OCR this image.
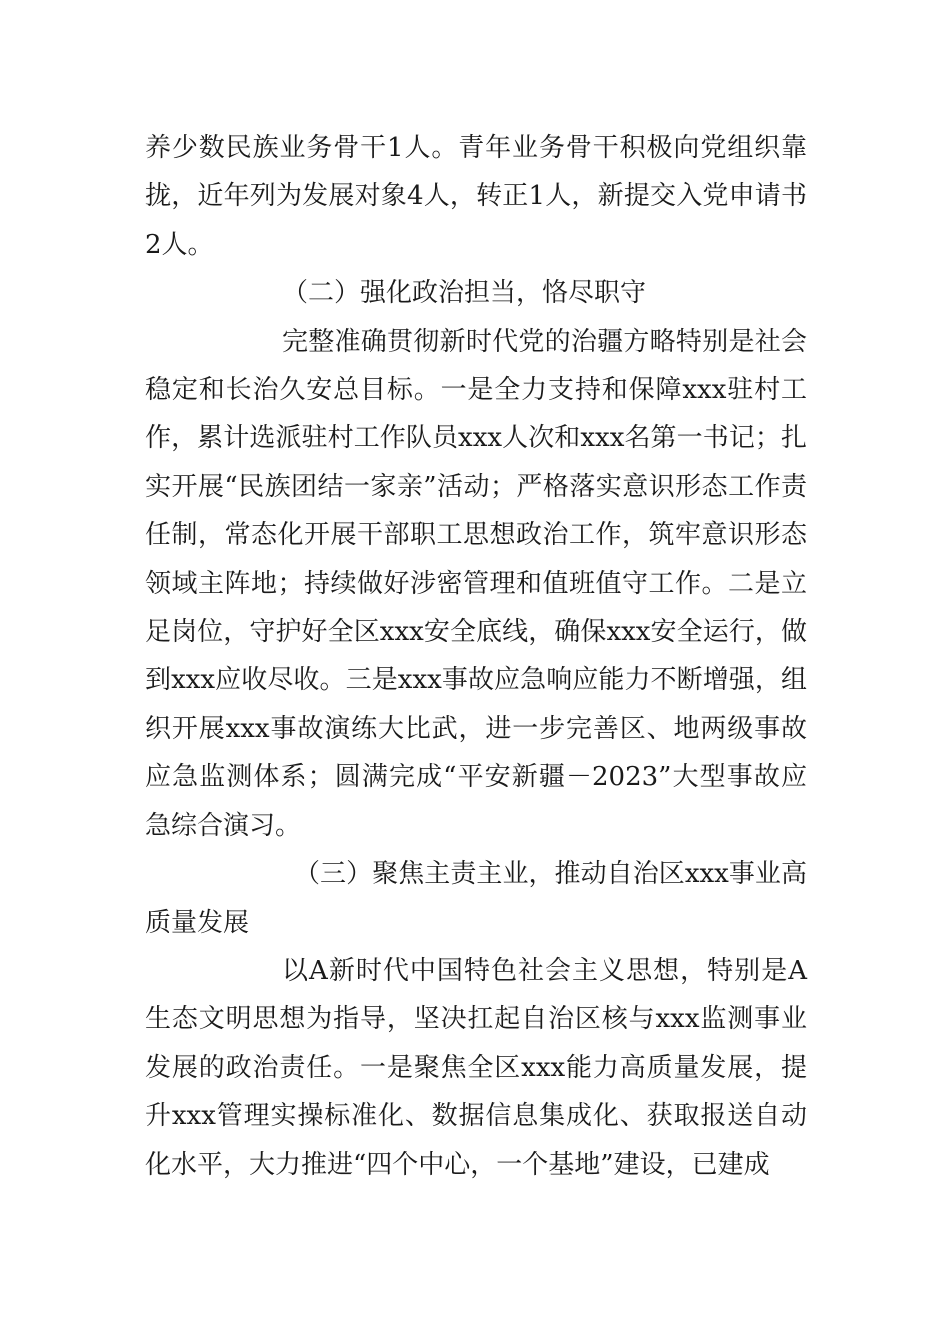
养少数民族业务骨干1人。青年业务骨干积极向党组织靠拢，近年列为发展对象4人，转正1人，新提交入党申请书2人。

（二）强化政治担当，恪尽职守

完整准确贯彻新时代党的治疆方略特别是社会稳定和长治久安总目标。一是全力支持和保障xxx驻村工作，累计选派驻村工作队员xxx人次和xxx名第一书记；扎实开展“民族团结一家亲”活动；严格落实意识形态工作责任制，常态化开展干部职工思想政治工作，筑牢意识形态领域主阵地；持续做好涉密管理和值班值守工作。二是立足岗位，守护好全区xxx安全底线，确保xxx安全运行，做到xxx应收尽收。三是xxx事故应急响应能力不断增强，组织开展xxx事故演练大比武，进一步完善区、地两级事故应急监测体系；圆满完成“平安新疆－2023”大型事故应急综合演习。

（三）聚焦主责主业，推动自治区xxx事业高质量发展

以A新时代中国特色社会主义思想，特别是A生态文明思想为指导，坚决扛起自治区核与xxx监测事业发展的政治责任。一是聚焦全区xxx能力高质量发展，提升xxx管理实操标准化、数据信息集成化、获取报送自动化水平，大力推进“四个中心，一个基地”建设，已建成
